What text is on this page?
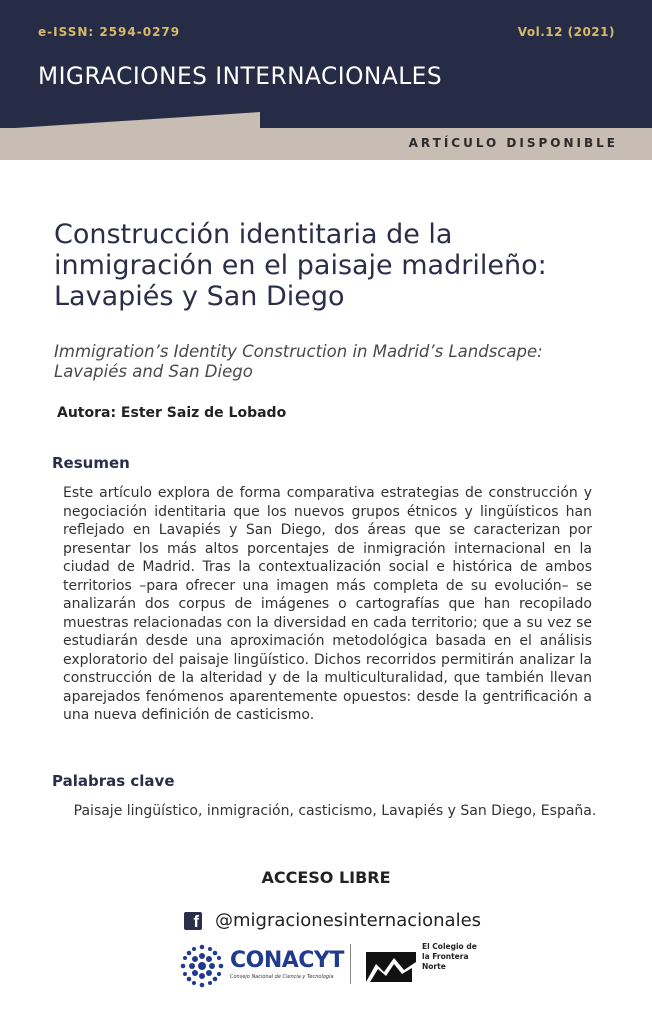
e-ISSN: 2594-0279	Vol.12 (2021)
MIGRACIONES INTERNACIONALES
ARTÍCULO DISPONIBLE
Construcción identitaria de la inmigración en el paisaje madrileño: Lavapiés y San Diego
Immigration’s Identity Construction in Madrid’s Landscape: Lavapiés and San Diego
Autora: Ester Saiz de Lobado
Resumen
Este artículo explora de forma comparativa estrategias de construcción y negociación identitaria que los nuevos grupos étnicos y lingüísticos han reflejado en Lavapiés y San Diego, dos áreas que se caracterizan por presentar los más altos porcentajes de inmigración internacional en la ciudad de Madrid. Tras la contextualización social e histórica de ambos territorios –para ofrecer una imagen más completa de su evolución– se analizarán dos corpus de imágenes o cartografías que han recopilado muestras relacionadas con la diversidad en cada territorio; que a su vez se estudiarán desde una aproximación metodológica basada en el análisis exploratorio del paisaje lingüístico. Dichos recorridos permitirán analizar la construcción de la alteridad y de la multiculturalidad, que también llevan aparejados fenómenos aparentemente opuestos: desde la gentrificación a una nueva definición de casticismo.
Palabras clave
Paisaje lingüístico, inmigración, casticismo, Lavapiés y San Diego, España.
ACCESO LIBRE
f @migracionesinternacionales
CONACYT
Consejo Nacional de Ciencia y Tecnología
El Colegio de la Frontera Norte
